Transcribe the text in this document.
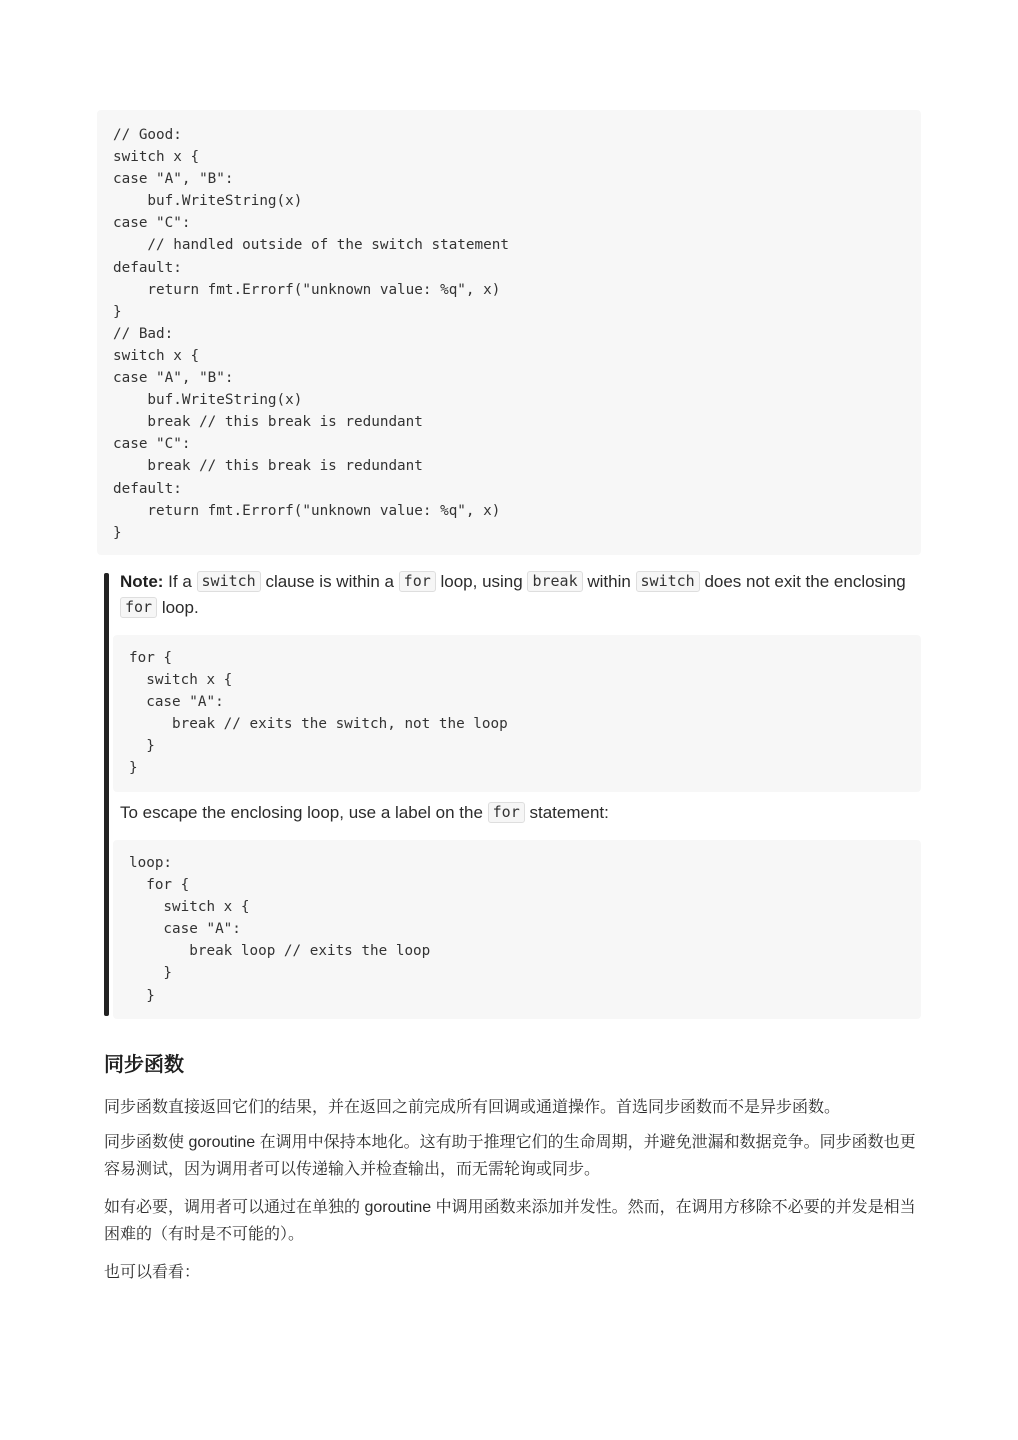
// Good:
switch x {
case "A", "B":
buf.WriteString(x)
case "C":
// handled outside of the switch statement
default:
return fmt.Errorf("unknown value: %q", x)
}
// Bad:
switch x {
case "A", "B":
buf.WriteString(x)
break // this break is redundant
case "C":
break // this break is redundant
default:
return fmt.Errorf("unknown value: %q", x)
}

Note: If a switch clause is within a for loop, using break within switch does not exit the enclosing for loop.

for {
switch x {
case "A":
break // exits the switch, not the loop
}
}

To escape the enclosing loop, use a label on the for statement:

loop:
for {
switch x {
case "A":
break loop // exits the loop
}
}
同步函数

同步函数直接返回它们的结果，并在返回之前完成所有回调或通道操作。首选同步函数而不是异步函数。

同步函数使 goroutine 在调用中保持本地化。这有助于推理它们的生命周期，并避免泄漏和数据竞争。同步函数也更容易测试，因为调用者可以传递输入并检查输出，而无需轮询或同步。

如有必要，调用者可以通过在单独的 goroutine 中调用函数来添加并发性。然而，在调用方移除不必要的并发是相当困难的（有时是不可能的）。

也可以看看：
